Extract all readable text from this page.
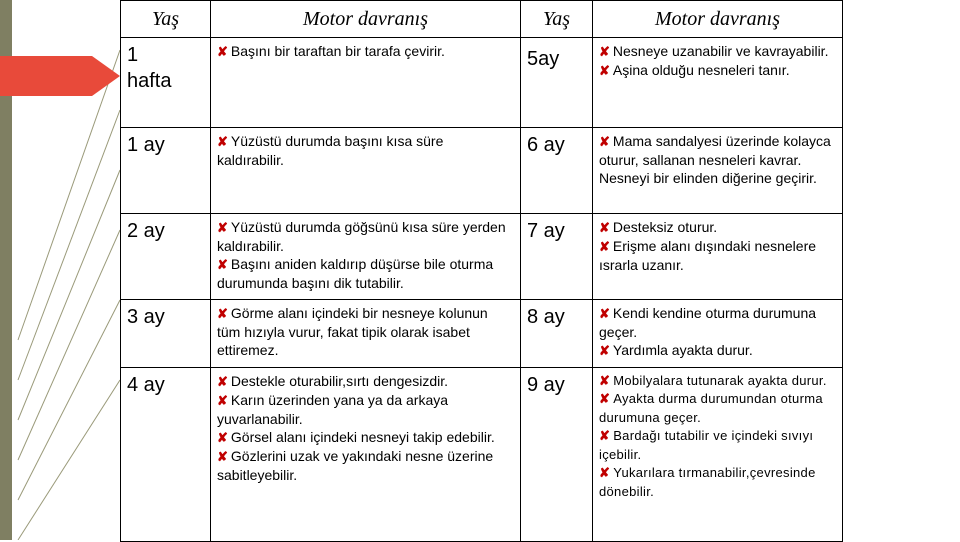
Yaş	Motor davranış	Yaş	Motor davranış
1 hafta	✘ Başını bir taraftan bir tarafa çevirir.	5ay	✘ Nesneye uzanabilir ve kavrayabilir.
✘ Aşina olduğu nesneleri tanır.

1 ay	✘ Yüzüstü durumda başını kısa süre kaldırabilir.	6 ay	✘ Mama sandalyesi üzerinde kolayca oturur, sallanan nesneleri kavrar. Nesneyi bir elinden diğerine geçirir.

2 ay	✘ Yüzüstü durumda göğsünü kısa süre yerden kaldırabilir.
✘ Başını aniden kaldırıp düşürse bile oturma durumunda başını dik tutabilir.	7 ay	✘ Desteksiz oturur.
✘ Erişme alanı dışındaki nesnelere ısrarla uzanır.

3 ay	✘ Görme alanı içindeki bir nesneye kolunun tüm hızıyla vurur, fakat tipik olarak isabet ettiremez.	8 ay	✘ Kendi kendine oturma durumuna geçer.
✘ Yardımla ayakta durur.

4 ay	✘ Destekle oturabilir,sırtı dengesizdir.
✘ Karın üzerinden yana ya da arkaya yuvarlanabilir.
✘ Görsel alanı içindeki nesneyi takip edebilir.
✘ Gözlerini uzak ve yakındaki nesne üzerine sabitleyebilir.	9 ay	✘ Mobilyalara tutunarak ayakta durur.
✘ Ayakta durma durumundan oturma durumuna geçer.
✘ Bardağı tutabilir ve içindeki sıvıyı içebilir.
✘ Yukarılara tırmanabilir,çevresinde dönebilir.
